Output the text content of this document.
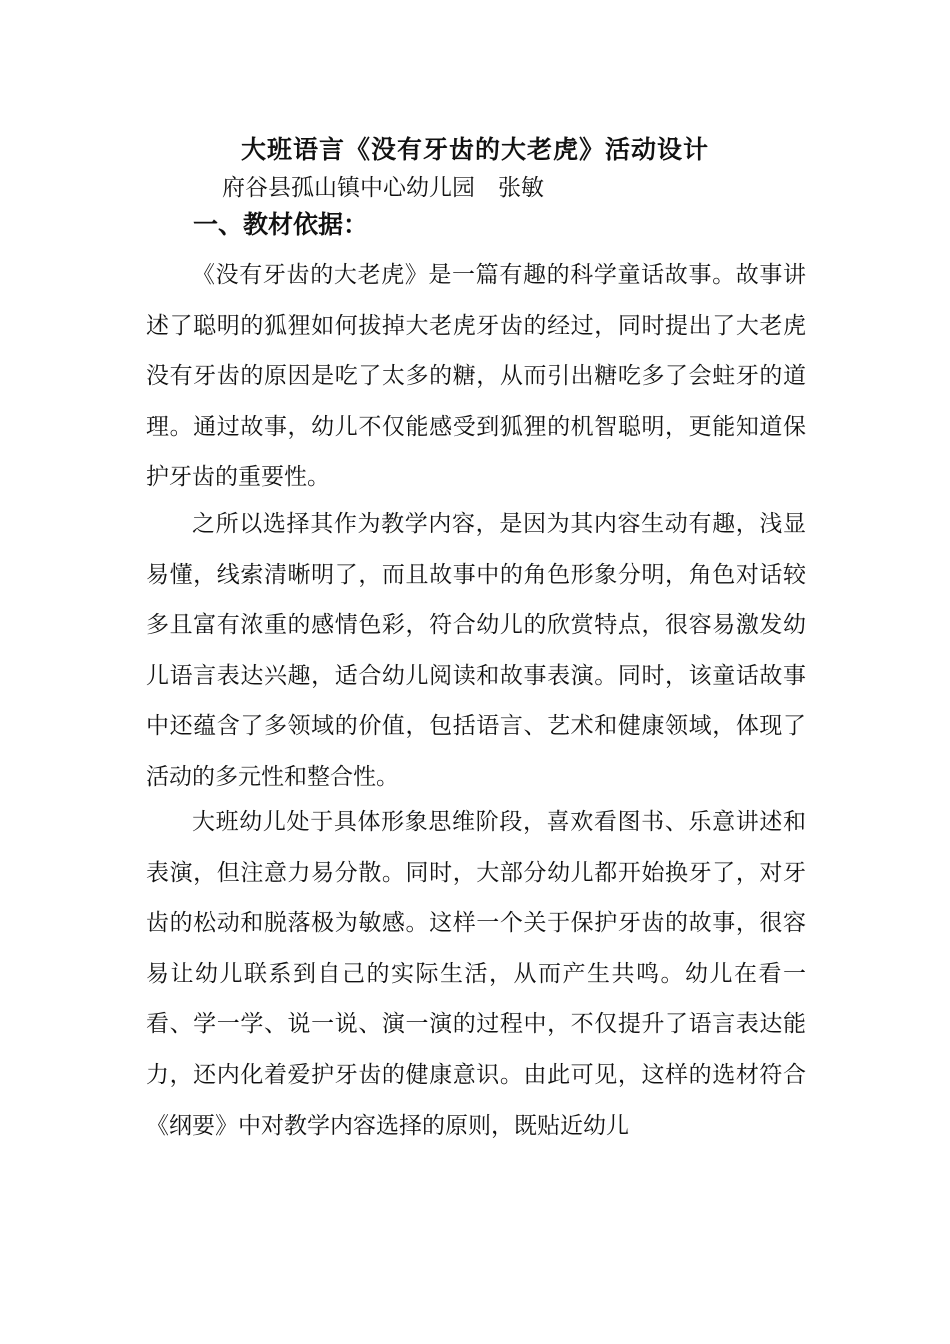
大班语言《没有牙齿的大老虎》活动设计
府谷县孤山镇中心幼儿园　张敏
一、教材依据：

《没有牙齿的大老虎》是一篇有趣的科学童话故事。故事讲述了聪明的狐狸如何拔掉大老虎牙齿的经过，同时提出了大老虎没有牙齿的原因是吃了太多的糖，从而引出糖吃多了会蛀牙的道理。通过故事，幼儿不仅能感受到狐狸的机智聪明，更能知道保护牙齿的重要性。

之所以选择其作为教学内容，是因为其内容生动有趣，浅显易懂，线索清晰明了，而且故事中的角色形象分明，角色对话较多且富有浓重的感情色彩，符合幼儿的欣赏特点，很容易激发幼儿语言表达兴趣，适合幼儿阅读和故事表演。同时，该童话故事中还蕴含了多领域的价值，包括语言、艺术和健康领域，体现了活动的多元性和整合性。

大班幼儿处于具体形象思维阶段，喜欢看图书、乐意讲述和表演，但注意力易分散。同时，大部分幼儿都开始换牙了，对牙齿的松动和脱落极为敏感。这样一个关于保护牙齿的故事，很容易让幼儿联系到自己的实际生活，从而产生共鸣。幼儿在看一看、学一学、说一说、演一演的过程中，不仅提升了语言表达能力，还内化着爱护牙齿的健康意识。由此可见，这样的选材符合《纲要》中对教学内容选择的原则，既贴近幼儿
